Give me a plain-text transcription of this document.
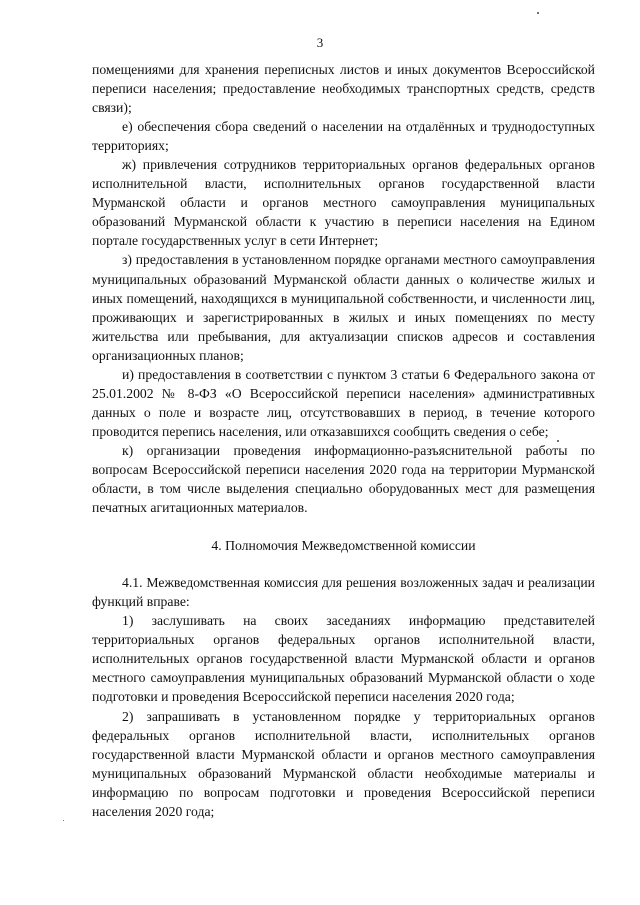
3

помещениями для хранения переписных листов и иных документов Всероссийской переписи населения; предоставление необходимых транспортных средств, средств связи);

е) обеспечения сбора сведений о населении на отдалённых и труднодоступных территориях;

ж) привлечения сотрудников территориальных органов федеральных органов исполнительной власти, исполнительных органов государственной власти Мурманской области и органов местного самоуправления муниципальных образований Мурманской области к участию в переписи населения на Едином портале государственных услуг в сети Интернет;

з) предоставления в установленном порядке органами местного самоуправления муниципальных образований Мурманской области данных о количестве жилых и иных помещений, находящихся в муниципальной собственности, и численности лиц, проживающих и зарегистрированных в жилых и иных помещениях по месту жительства или пребывания, для актуализации списков адресов и составления организационных планов;

и) предоставления в соответствии с пунктом 3 статьи 6 Федерального закона от 25.01.2002 № 8-ФЗ «О Всероссийской переписи населения» административных данных о поле и возрасте лиц, отсутствовавших в период, в течение которого проводится перепись населения, или отказавшихся сообщить сведения о себе;

к) организации проведения информационно-разъяснительной работы по вопросам Всероссийской переписи населения 2020 года на территории Мурманской области, в том числе выделения специально оборудованных мест для размещения печатных агитационных материалов.

4. Полномочия Межведомственной комиссии

4.1. Межведомственная комиссия для решения возложенных задач и реализации функций вправе:

1) заслушивать на своих заседаниях информацию представителей территориальных органов федеральных органов исполнительной власти, исполнительных органов государственной власти Мурманской области и органов местного самоуправления муниципальных образований Мурманской области о ходе подготовки и проведения Всероссийской переписи населения 2020 года;

2) запрашивать в установленном порядке у территориальных органов федеральных органов исполнительной власти, исполнительных органов государственной власти Мурманской области и органов местного самоуправления муниципальных образований Мурманской области необходимые материалы и информацию по вопросам подготовки и проведения Всероссийской переписи населения 2020 года;
